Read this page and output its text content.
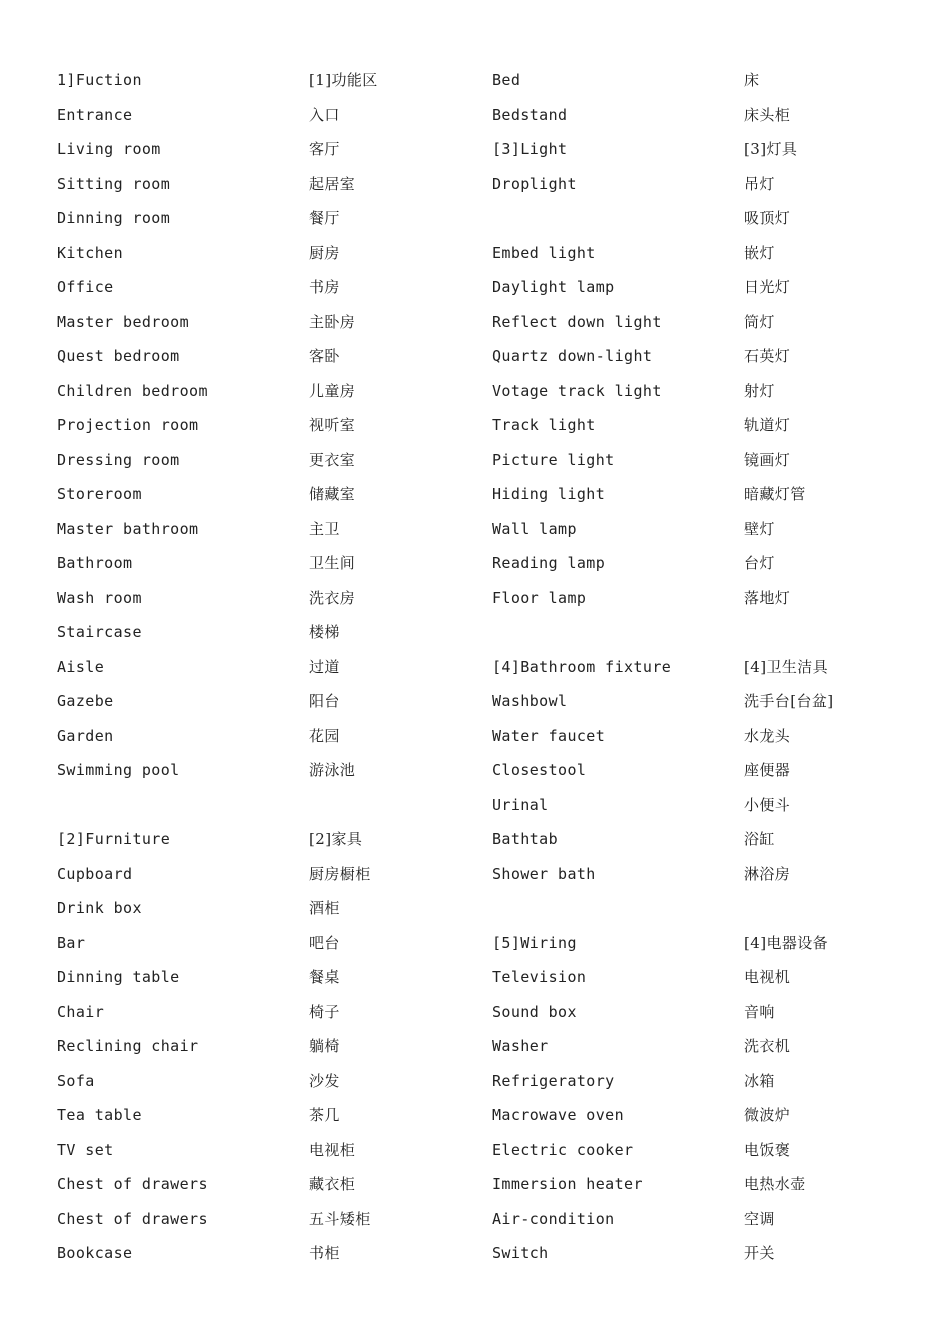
1]Fuction
Entrance
Living room
Sitting room
Dinning room
Kitchen
Office
Master bedroom
Quest bedroom
Children bedroom
Projection room
Dressing room
Storeroom
Master bathroom
Bathroom
Wash room
Staircase
Aisle
Gazebe
Garden
Swimming pool
[2]Furniture
Cupboard
Drink box
Bar
Dinning table
Chair
Reclining chair
Sofa
Tea table
TV set
Chest of drawers
Chest of drawers
Bookcase
[1]功能区
入口
客厅
起居室
餐厅
厨房
书房
主卧房
客卧
儿童房
视听室
更衣室
储藏室
主卫
卫生间
洗衣房
楼梯
过道
阳台
花园
游泳池
[2]家具
厨房橱柜
酒柜
吧台
餐桌
椅子
躺椅
沙发
茶几
电视柜
藏衣柜
五斗矮柜
书柜
Bed
Bedstand
[3]Light
Droplight
Embed light
Daylight lamp
Reflect down light
Quartz down-light
Votage track light
Track light
Picture light
Hiding light
Wall lamp
Reading lamp
Floor lamp
[4]Bathroom fixture
Washbowl
Water faucet
Closestool
Urinal
Bathtab
Shower bath
[5]Wiring
Television
Sound box
Washer
Refrigeratory
Macrowave oven
Electric cooker
Immersion heater
Air-condition
Switch
床
床头柜
[3]灯具
吊灯
吸顶灯
嵌灯
日光灯
筒灯
石英灯
射灯
轨道灯
镜画灯
暗藏灯管
壁灯
台灯
落地灯
[4]卫生洁具
洗手台[台盆]
水龙头
座便器
小便斗
浴缸
淋浴房
[4]电器设备
电视机
音响
洗衣机
冰箱
微波炉
电饭褒
电热水壶
空调
开关
